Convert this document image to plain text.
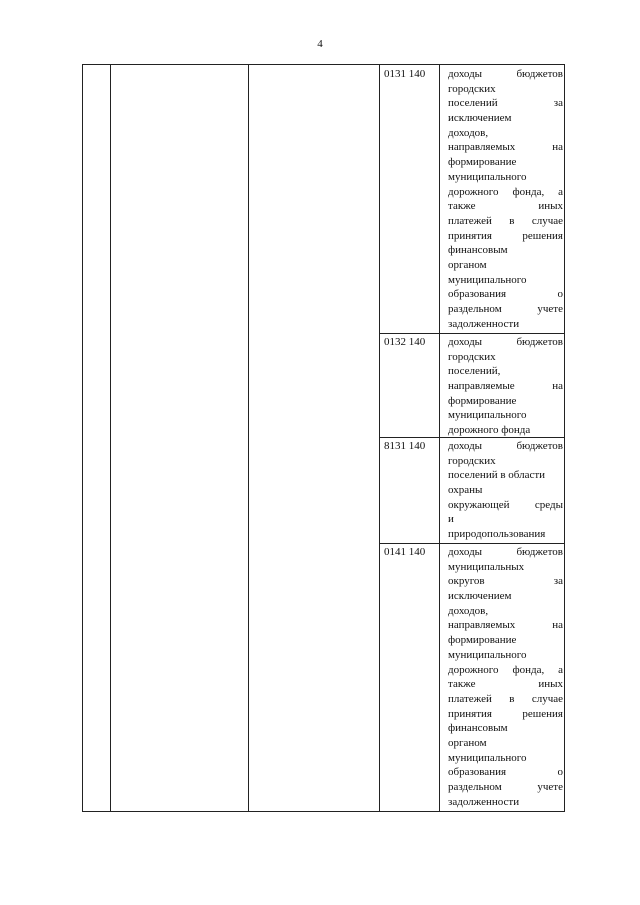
4
0131 140	доходы бюджетов
городских
поселений за
исключением
доходов,
направляемых на
формирование
муниципального
дорожного фонда, а
также иных
платежей в случае
принятия решения
финансовым
органом
муниципального
образования о
раздельном учете
задолженности
0132 140	доходы бюджетов
городских
поселений,
направляемые на
формирование
муниципального
дорожного фонда
8131 140	доходы бюджетов
городских
поселений в области
охраны
окружающей среды
и
природопользования
0141 140	доходы бюджетов
муниципальных
округов за
исключением
доходов,
направляемых на
формирование
муниципального
дорожного фонда, а
также иных
платежей в случае
принятия решения
финансовым
органом
муниципального
образования о
раздельном учете
задолженности
